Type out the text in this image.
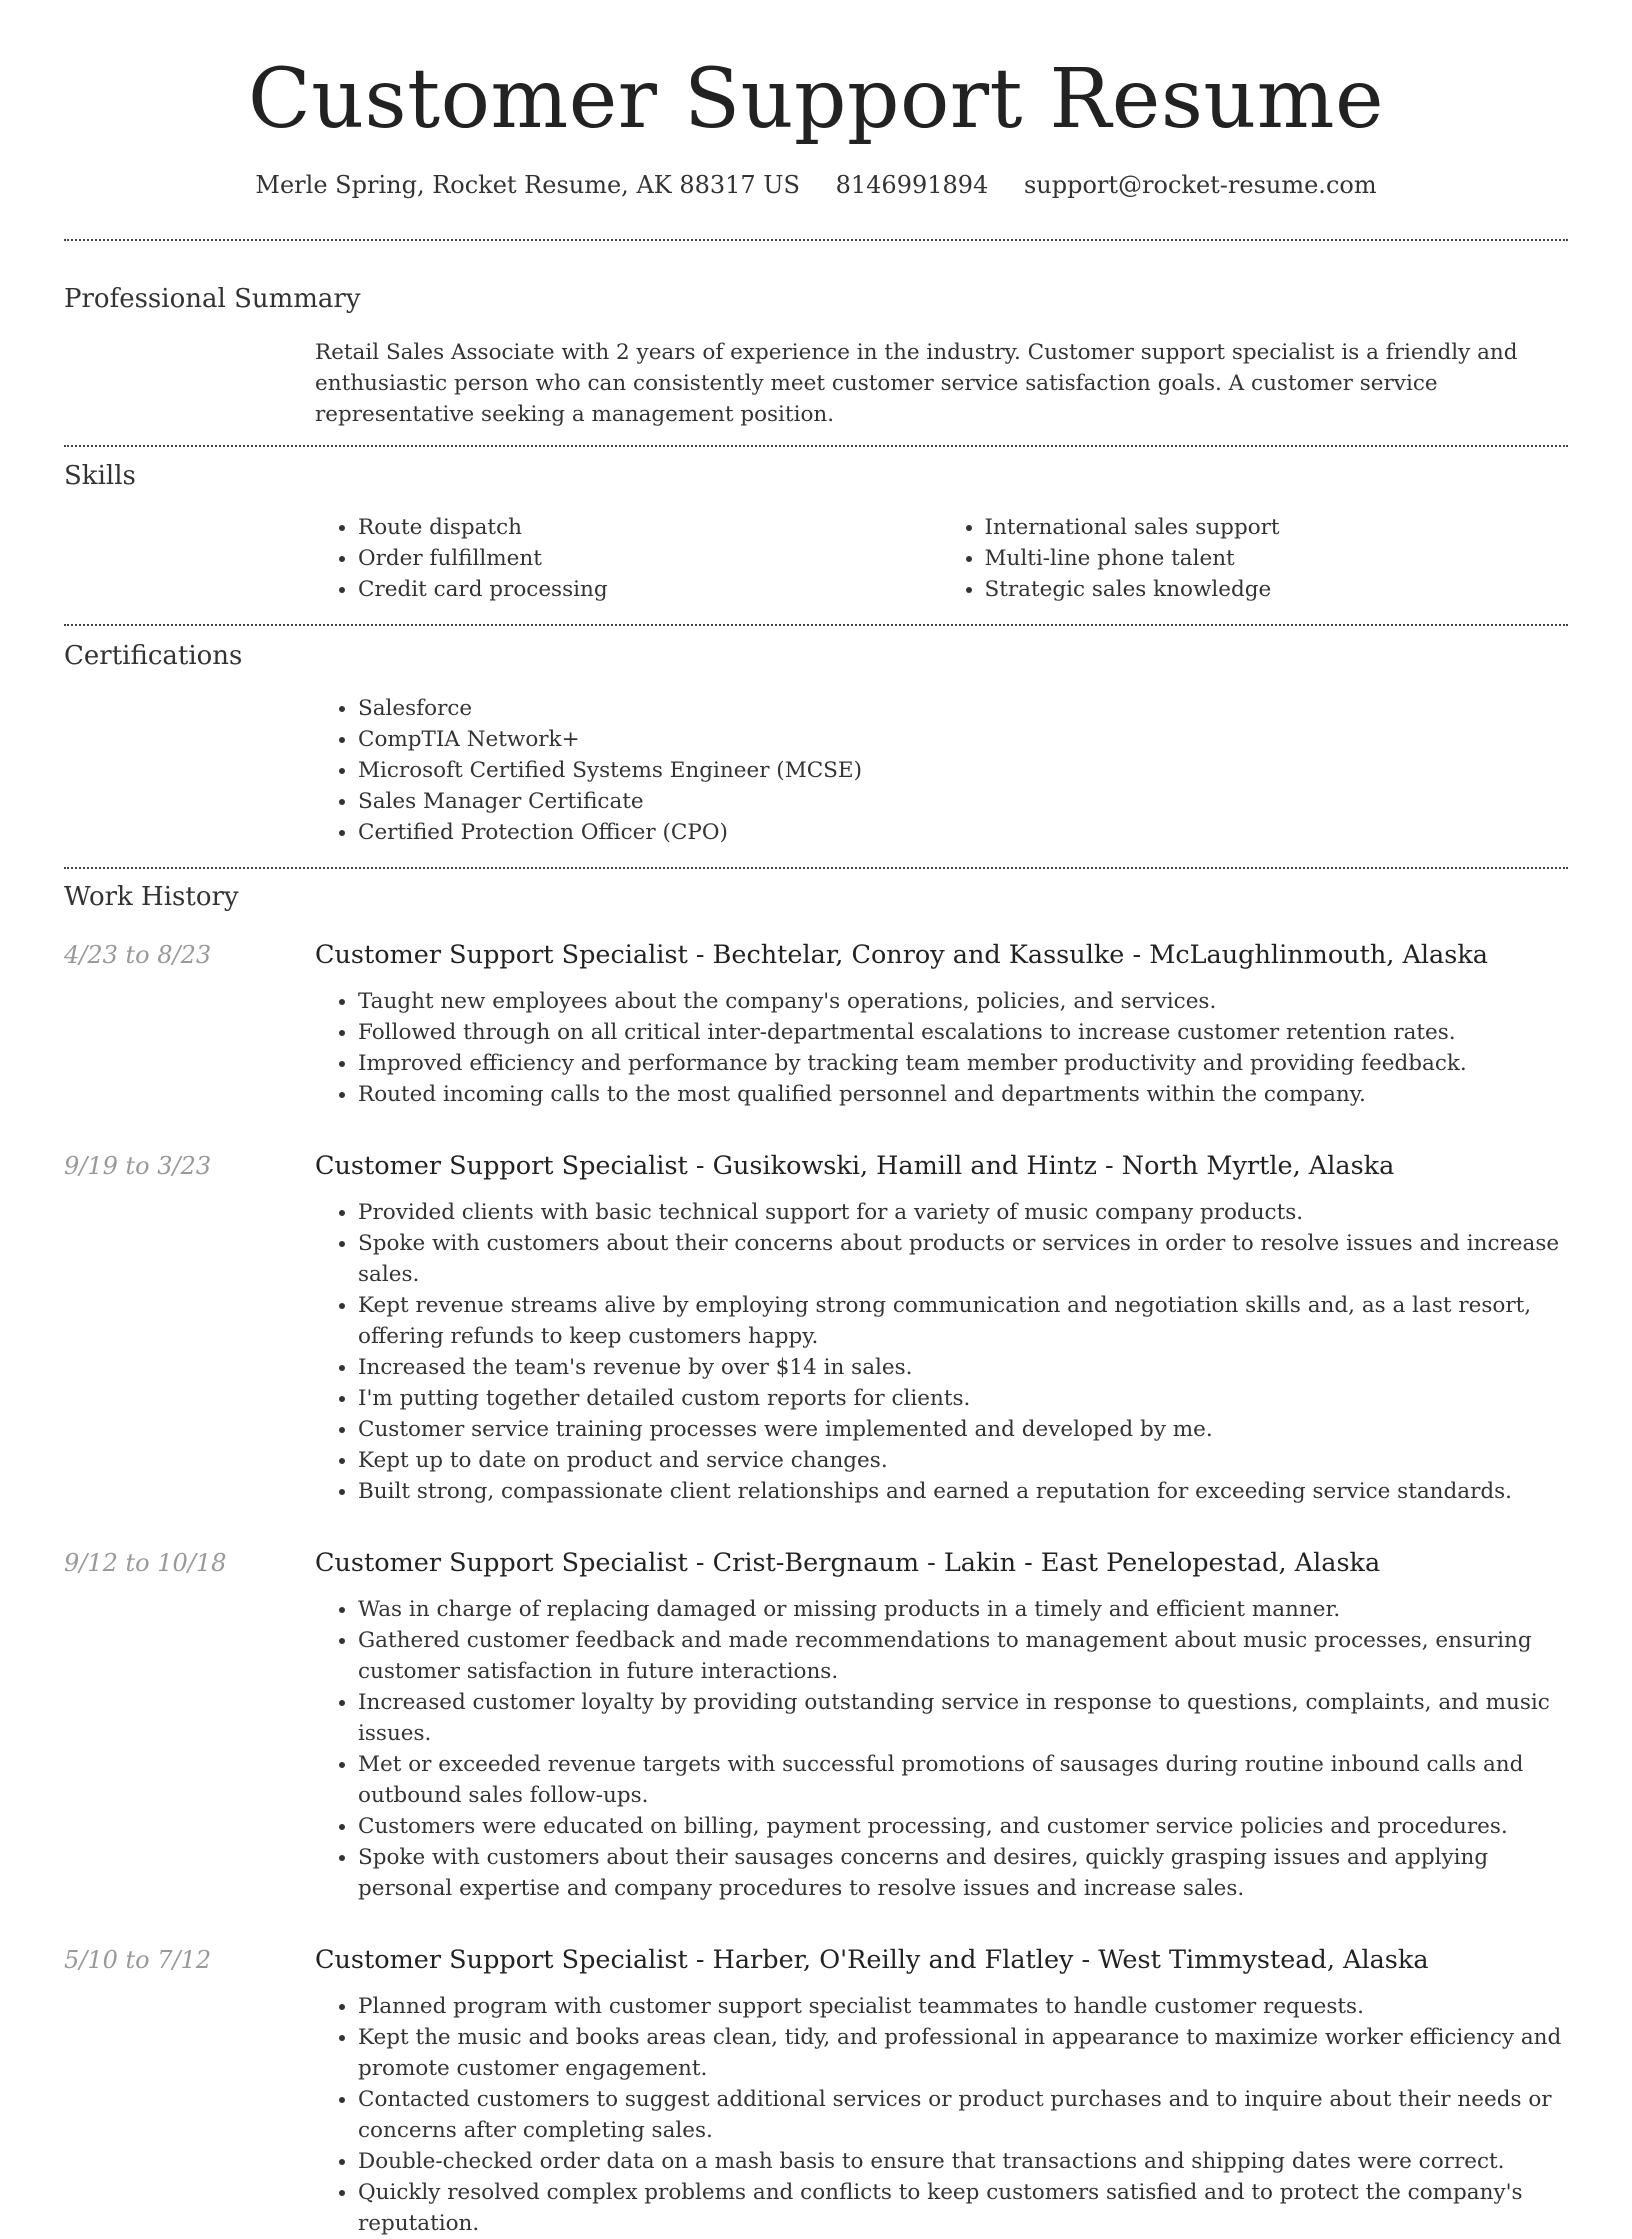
Customer Support Resume
Merle Spring, Rocket Resume, AK 88317 US 8146991894 support@rocket-resume.com
Professional Summary
Retail Sales Associate with 2 years of experience in the industry. Customer support specialist is a friendly and enthusiastic person who can consistently meet customer service satisfaction goals. A customer service representative seeking a management position.
Skills
• Route dispatch
• Order fulfillment
• Credit card processing
• International sales support
• Multi-line phone talent
• Strategic sales knowledge
Certifications
• Salesforce
• CompTIA Network+
• Microsoft Certified Systems Engineer (MCSE)
• Sales Manager Certificate
• Certified Protection Officer (CPO)
Work History
4/23 to 8/23	Customer Support Specialist - Bechtelar, Conroy and Kassulke - McLaughlinmouth, Alaska
• Taught new employees about the company's operations, policies, and services.
• Followed through on all critical inter-departmental escalations to increase customer retention rates.
• Improved efficiency and performance by tracking team member productivity and providing feedback.
• Routed incoming calls to the most qualified personnel and departments within the company.
9/19 to 3/23	Customer Support Specialist - Gusikowski, Hamill and Hintz - North Myrtle, Alaska
• Provided clients with basic technical support for a variety of music company products.
• Spoke with customers about their concerns about products or services in order to resolve issues and increase sales.
• Kept revenue streams alive by employing strong communication and negotiation skills and, as a last resort, offering refunds to keep customers happy.
• Increased the team's revenue by over $14 in sales.
• I'm putting together detailed custom reports for clients.
• Customer service training processes were implemented and developed by me.
• Kept up to date on product and service changes.
• Built strong, compassionate client relationships and earned a reputation for exceeding service standards.
9/12 to 10/18	Customer Support Specialist - Crist-Bergnaum - Lakin - East Penelopestad, Alaska
• Was in charge of replacing damaged or missing products in a timely and efficient manner.
• Gathered customer feedback and made recommendations to management about music processes, ensuring customer satisfaction in future interactions.
• Increased customer loyalty by providing outstanding service in response to questions, complaints, and music issues.
• Met or exceeded revenue targets with successful promotions of sausages during routine inbound calls and outbound sales follow-ups.
• Customers were educated on billing, payment processing, and customer service policies and procedures.
• Spoke with customers about their sausages concerns and desires, quickly grasping issues and applying personal expertise and company procedures to resolve issues and increase sales.
5/10 to 7/12	Customer Support Specialist - Harber, O'Reilly and Flatley - West Timmystead, Alaska
• Planned program with customer support specialist teammates to handle customer requests.
• Kept the music and books areas clean, tidy, and professional in appearance to maximize worker efficiency and promote customer engagement.
• Contacted customers to suggest additional services or product purchases and to inquire about their needs or concerns after completing sales.
• Double-checked order data on a mash basis to ensure that transactions and shipping dates were correct.
• Quickly resolved complex problems and conflicts to keep customers satisfied and to protect the company's reputation.
